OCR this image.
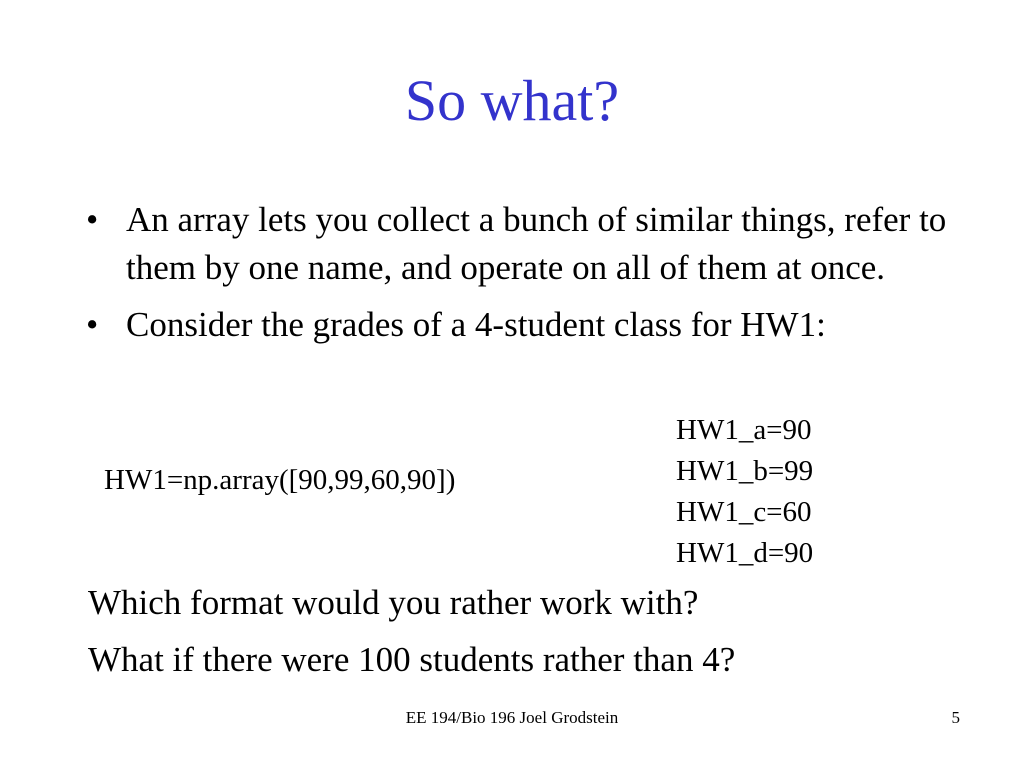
So what?
• An array lets you collect a bunch of similar things, refer to them by one name, and operate on all of them at once.
• Consider the grades of a 4-student class for HW1:
HW1=np.array([90,99,60,90])
HW1_a=90
HW1_b=99
HW1_c=60
HW1_d=90
Which format would you rather work with?
What if there were 100 students rather than 4?
EE 194/Bio 196 Joel Grodstein	5
